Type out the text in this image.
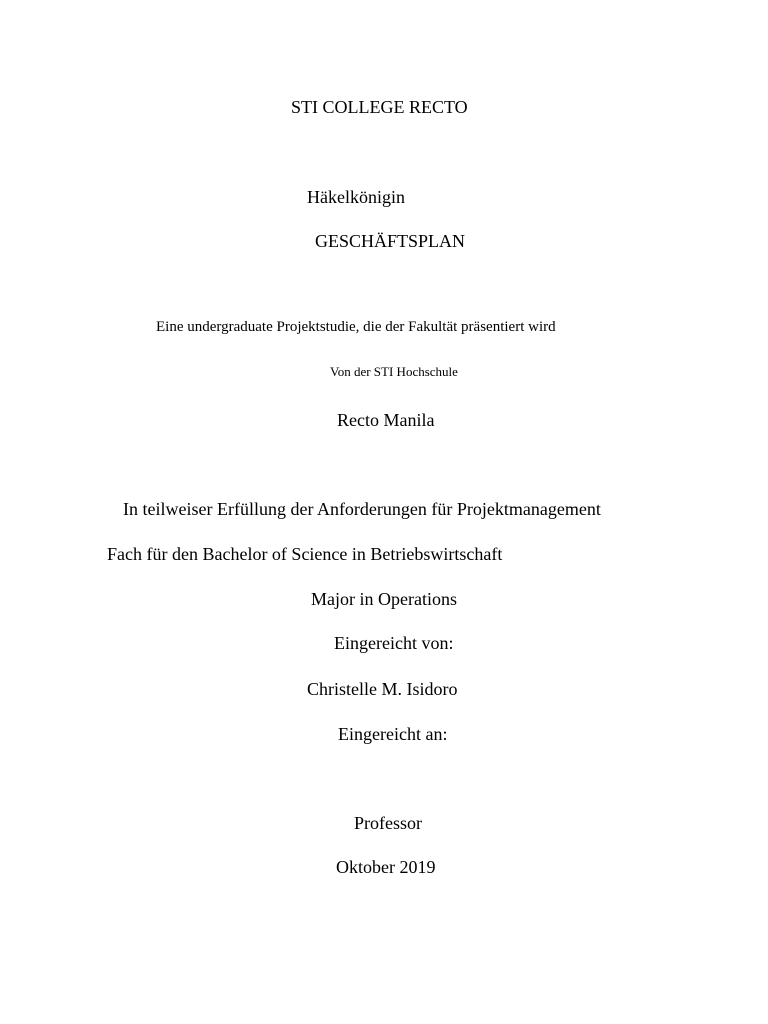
STI COLLEGE RECTO
Häkelkönigin
GESCHÄFTSPLAN
Eine undergraduate Projektstudie, die der Fakultät präsentiert wird
Von der STI Hochschule
Recto Manila
In teilweiser Erfüllung der Anforderungen für Projektmanagement
Fach für den Bachelor of Science in Betriebswirtschaft
Major in Operations
Eingereicht von:
Christelle M. Isidoro
Eingereicht an:
Professor
Oktober 2019
